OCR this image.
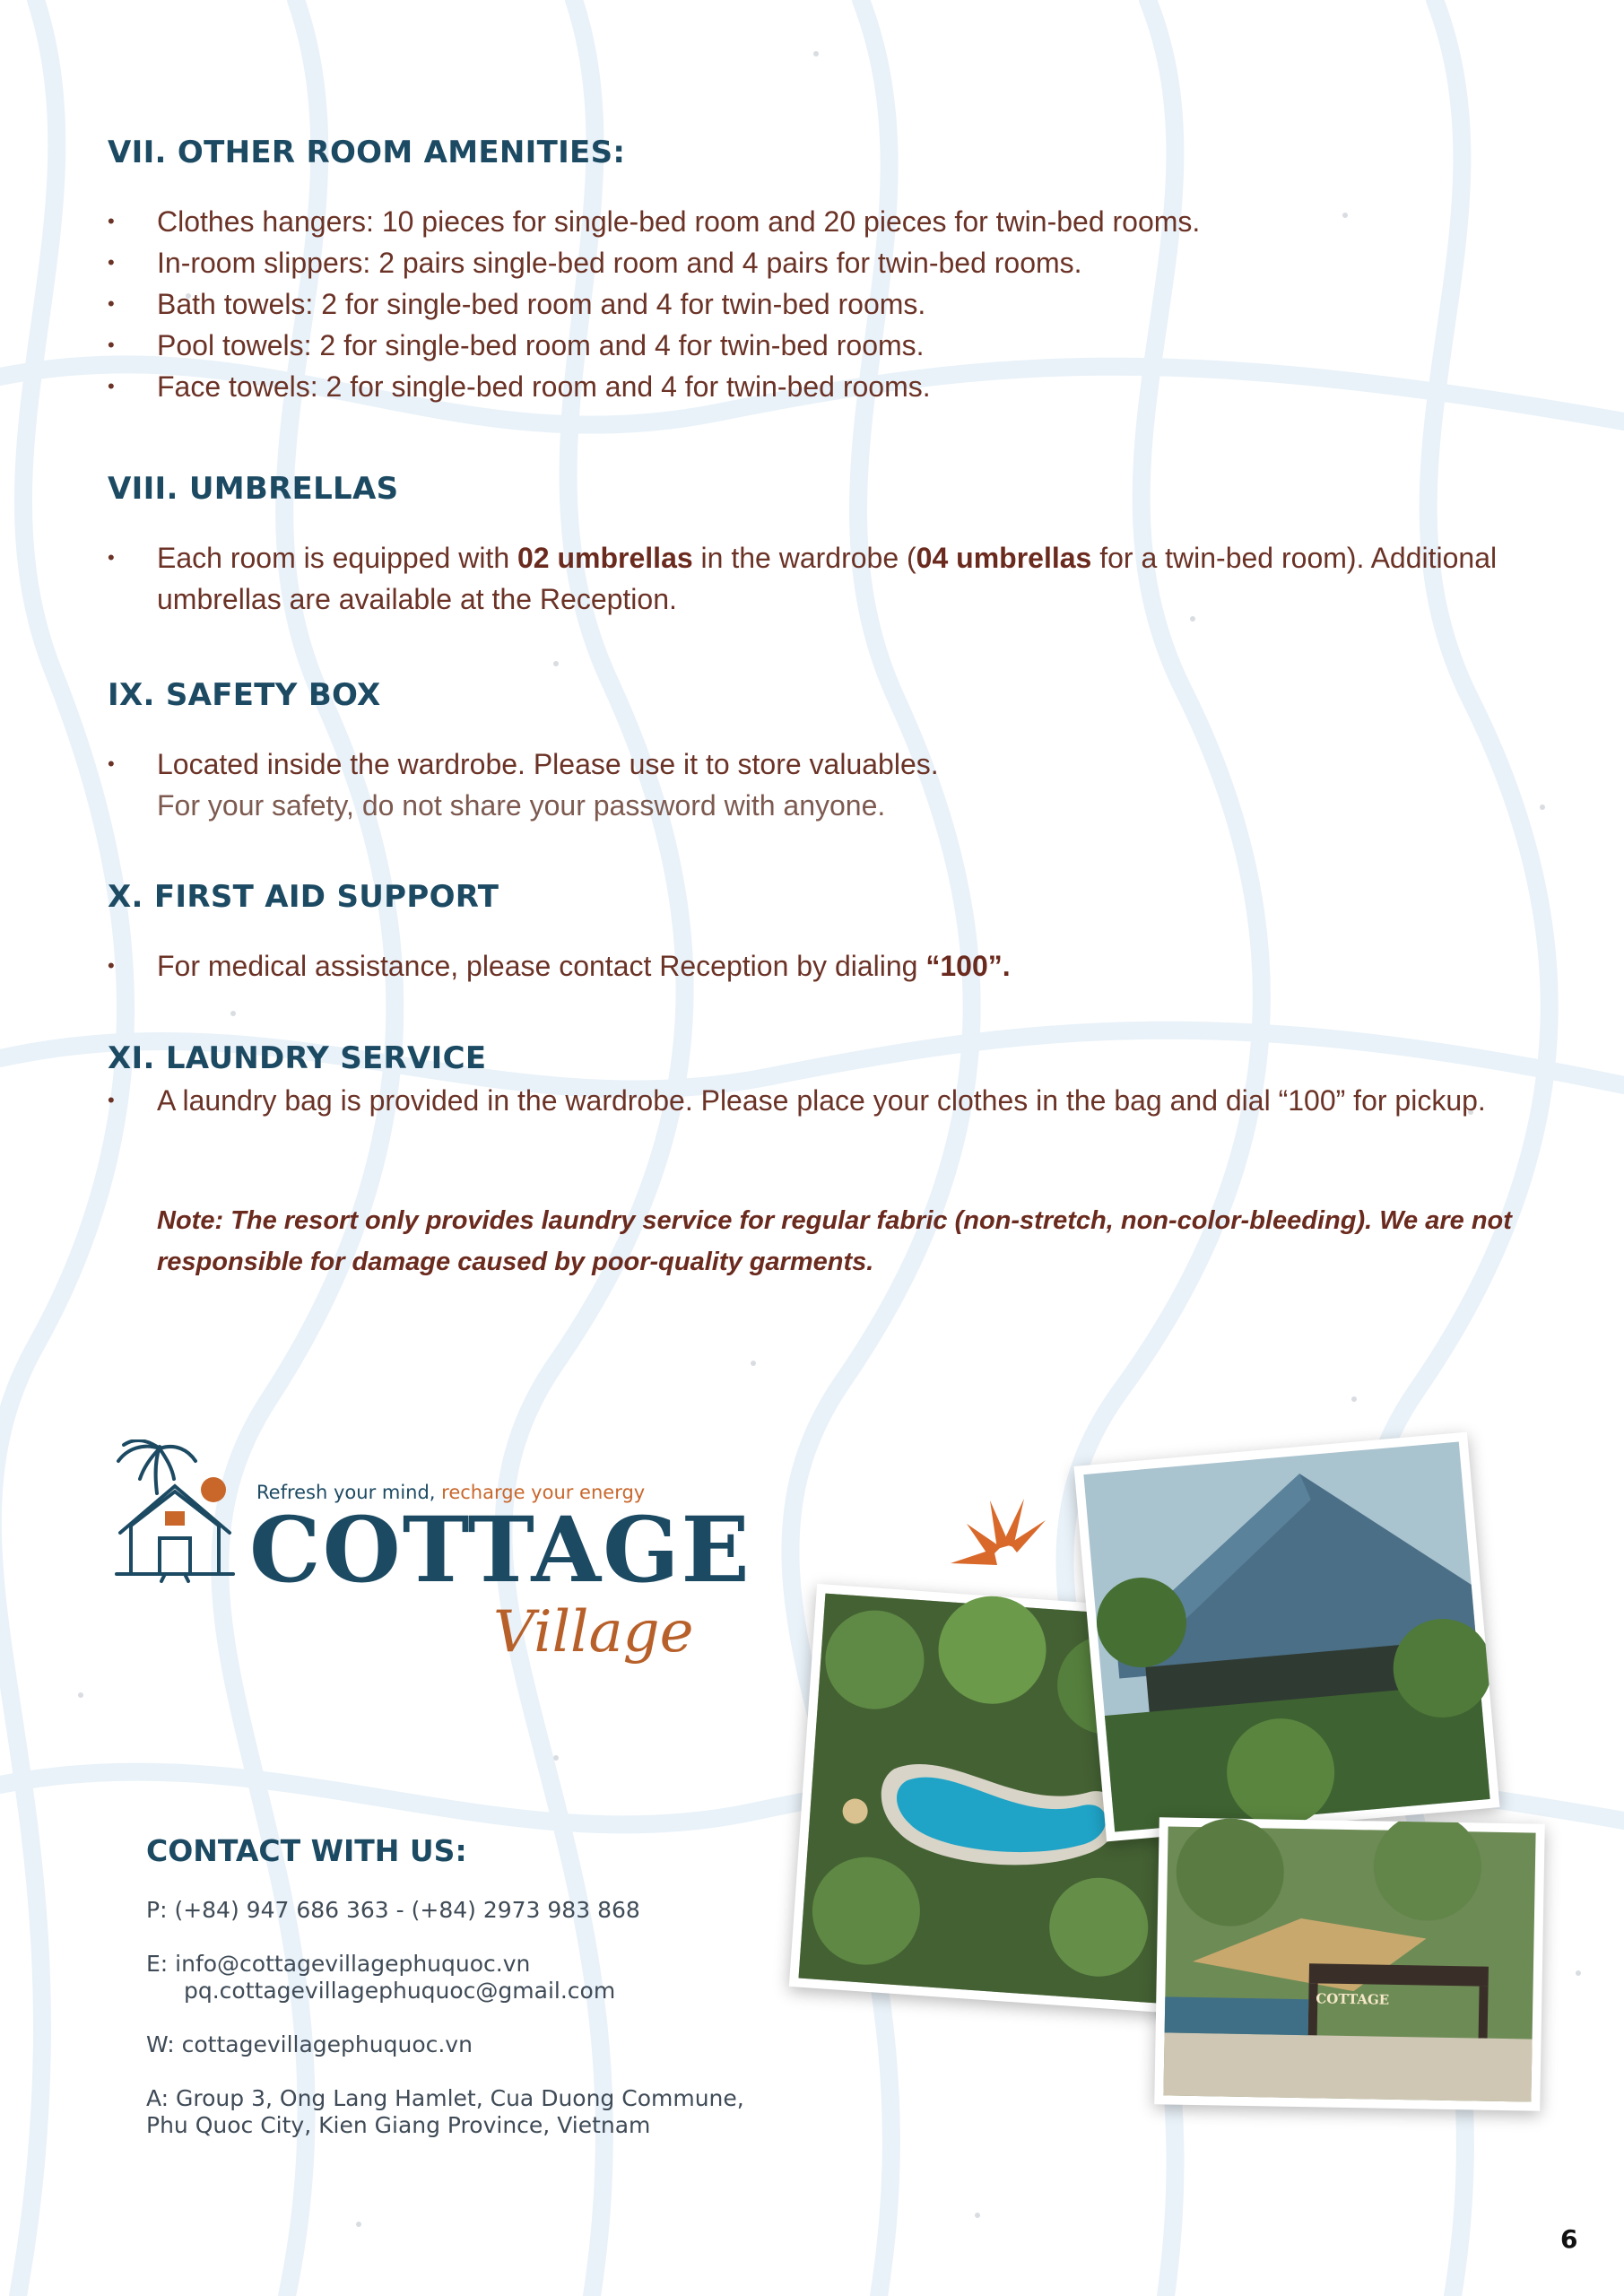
VII. OTHER ROOM AMENITIES:
• Clothes hangers: 10 pieces for single-bed room and 20 pieces for twin-bed rooms.
• In-room slippers: 2 pairs single-bed room and 4 pairs for twin-bed rooms.
• Bath towels: 2 for single-bed room and 4 for twin-bed rooms.
• Pool towels: 2 for single-bed room and 4 for twin-bed rooms.
• Face towels: 2 for single-bed room and 4 for twin-bed rooms.
VIII. UMBRELLAS
• Each room is equipped with 02 umbrellas in the wardrobe (04 umbrellas for a twin-bed room). Additional umbrellas are available at the Reception.
IX. SAFETY BOX
• Located inside the wardrobe. Please use it to store valuables.
For your safety, do not share your password with anyone.
X. FIRST AID SUPPORT
• For medical assistance, please contact Reception by dialing “100”.
XI. LAUNDRY SERVICE
• A laundry bag is provided in the wardrobe. Please place your clothes in the bag and dial “100” for pickup.
Note: The resort only provides laundry service for regular fabric (non-stretch, non-color-bleeding). We are not responsible for damage caused by poor-quality garments.
Refresh your mind, recharge your energy
COTTAGE
Village
CONTACT WITH US:

P: (+84) 947 686 363 - (+84) 2973 983 868

E: info@cottagevillagephuquoc.vn
pq.cottagevillagephuquoc@gmail.com

W: cottagevillagephuquoc.vn

A: Group 3, Ong Lang Hamlet, Cua Duong Commune,
Phu Quoc City, Kien Giang Province, Vietnam

COTTAGE
6
